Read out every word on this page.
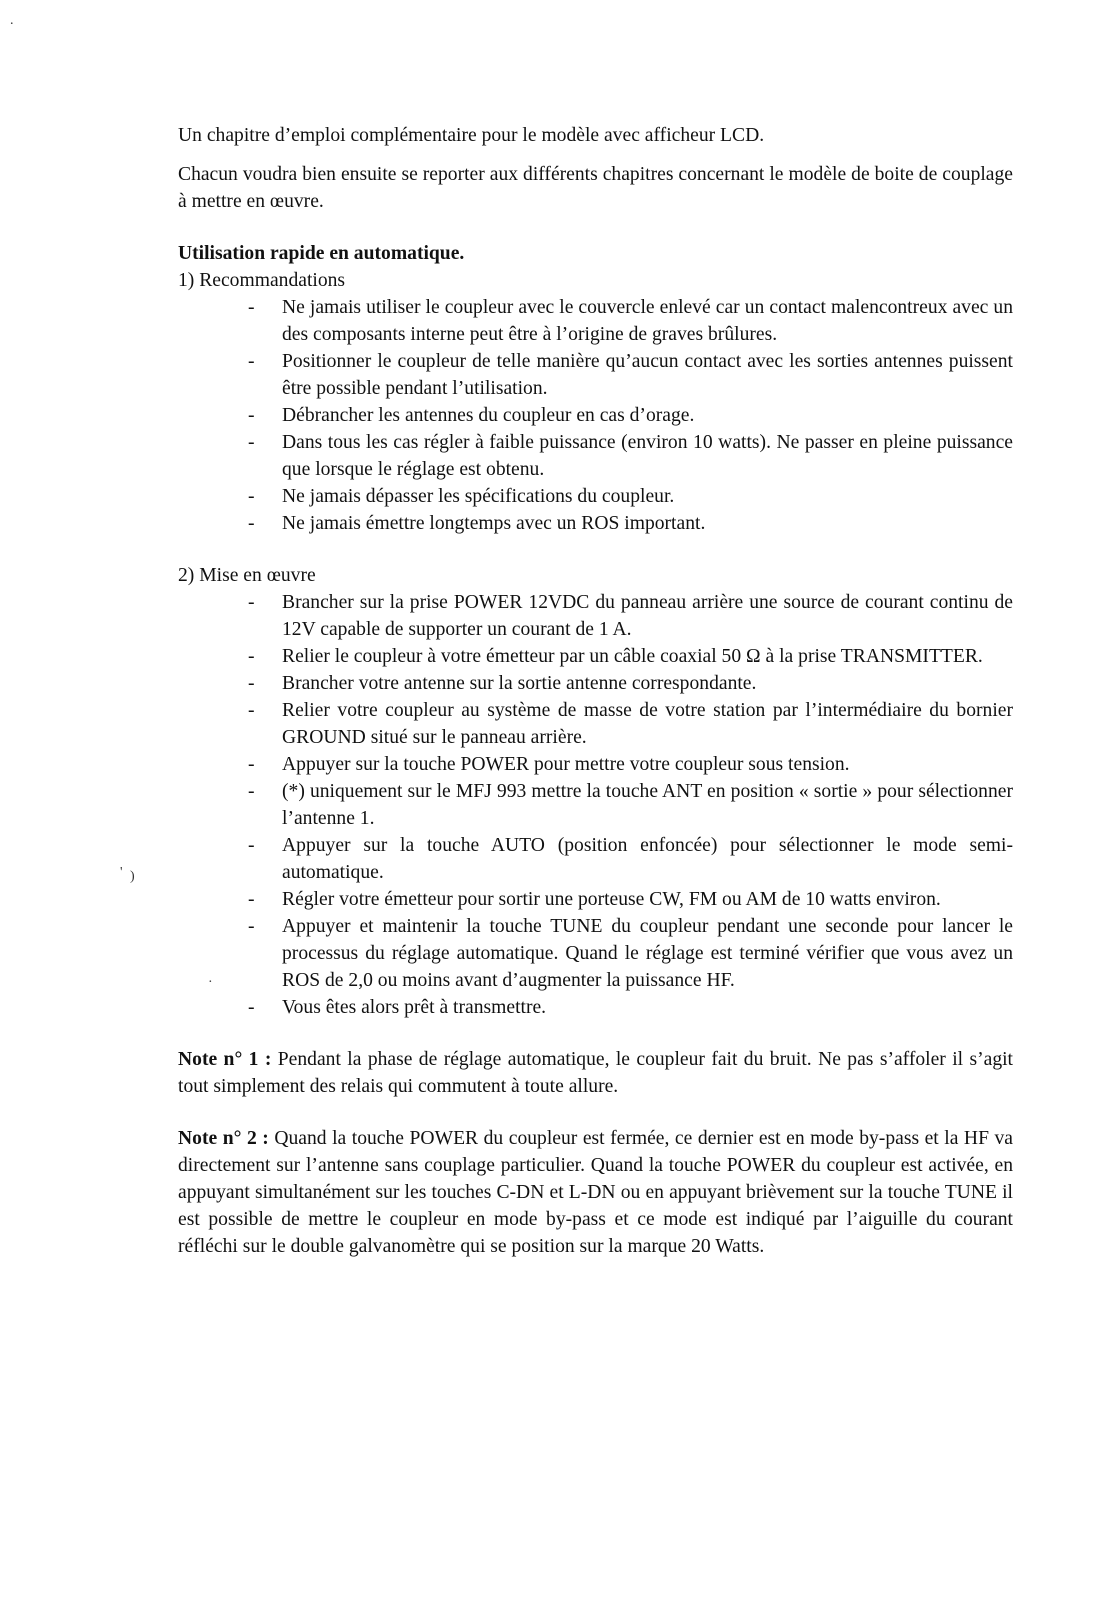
.
' )
·

Un chapitre d’emploi complémentaire pour le modèle avec afficheur LCD.

Chacun voudra bien ensuite se reporter aux différents chapitres concernant le modèle de boite de couplage à mettre en œuvre.

Utilisation rapide en automatique.

1) Recommandations

- Ne jamais utiliser le coupleur avec le couvercle enlevé car un contact malencontreux avec un des composants interne peut être à l’origine de graves brûlures.
- Positionner le coupleur de telle manière qu’aucun contact avec les sorties antennes puissent être possible pendant l’utilisation.
- Débrancher les antennes du coupleur en cas d’orage.
- Dans tous les cas régler à faible puissance (environ 10 watts). Ne passer en pleine puissance que lorsque le réglage est obtenu.
- Ne jamais dépasser les spécifications du coupleur.
- Ne jamais émettre longtemps avec un ROS important.

2) Mise en œuvre

- Brancher sur la prise POWER 12VDC du panneau arrière une source de courant continu de 12V capable de supporter un courant de 1 A.
- Relier le coupleur à votre émetteur par un câble coaxial 50 Ω à la prise TRANSMITTER.
- Brancher votre antenne sur la sortie antenne correspondante.
- Relier votre coupleur au système de masse de votre station par l’intermédiaire du bornier GROUND situé sur le panneau arrière.
- Appuyer sur la touche POWER pour mettre votre coupleur sous tension.
- (*) uniquement sur le MFJ 993 mettre la touche ANT en position « sortie » pour sélectionner l’antenne 1.
- Appuyer sur la touche AUTO (position enfoncée) pour sélectionner le mode semi-automatique.
- Régler votre émetteur pour sortir une porteuse CW, FM ou AM de 10 watts environ.
- Appuyer et maintenir la touche TUNE du coupleur pendant une seconde pour lancer le processus du réglage automatique. Quand le réglage est terminé vérifier que vous avez un ROS de 2,0 ou moins avant d’augmenter la puissance HF.
- Vous êtes alors prêt à transmettre.

Note n° 1 : Pendant la phase de réglage automatique, le coupleur fait du bruit. Ne pas s’affoler il s’agit tout simplement des relais qui commutent à toute allure.

Note n° 2 : Quand la touche POWER du coupleur est fermée, ce dernier est en mode by-pass et la HF va directement sur l’antenne sans couplage particulier. Quand la touche POWER du coupleur est activée, en appuyant simultanément sur les touches C-DN et L-DN ou en appuyant brièvement sur la touche TUNE il est possible de mettre le coupleur en mode by-pass et ce mode est indiqué par l’aiguille du courant réfléchi sur le double galvanomètre qui se position sur la marque 20 Watts.
